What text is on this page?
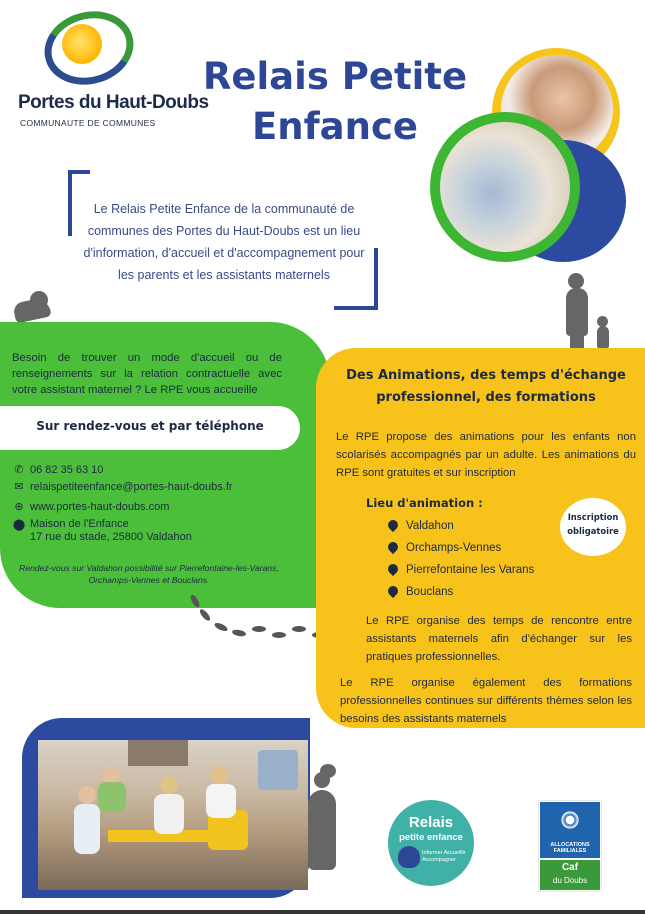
Portes du Haut-Doubs
COMMUNAUTE DE COMMUNES
Relais Petite Enfance
Le Relais Petite Enfance de la communauté de communes des Portes du Haut-Doubs est un lieu d'information, d'accueil et d'accompagnement pour les parents et les assistants maternels
Besoin de trouver un mode d'accueil ou de renseignements sur la relation contractuelle avec votre assistant maternel ? Le RPE vous accueille
Sur rendez-vous et par téléphone
✆ 06 82 35 63 10
✉ relaispetiteenfance@portes-haut-doubs.fr
⊕ www.portes-haut-doubs.com
⬤ Maison de l'Enfance
17 rue du stade, 25800 Valdahon
Rendez-vous sur Valdahon possibilité sur Pierrefontaine-les-Varans, Orchamps-Vennes et Bouclans.
Des Animations, des temps d'échange professionnel, des formations
Le RPE propose des animations pour les enfants non scolarisés accompagnés par un adulte. Les animations du RPE sont gratuites et sur inscription
Lieu d'animation :
Valdahon
Orchamps-Vennes
Pierrefontaine les Varans
Bouclans
Inscription obligatoire
Le RPE organise des temps de rencontre entre assistants maternels afin d'échanger sur les pratiques professionnelles.
Le RPE organise également des formations professionnelles continues sur différents thèmes selon les besoins des assistants maternels
Relais
petite enfance
Informer Accueillir Accompagner
ALLOCATIONS FAMILIALES
Caf
du Doubs
